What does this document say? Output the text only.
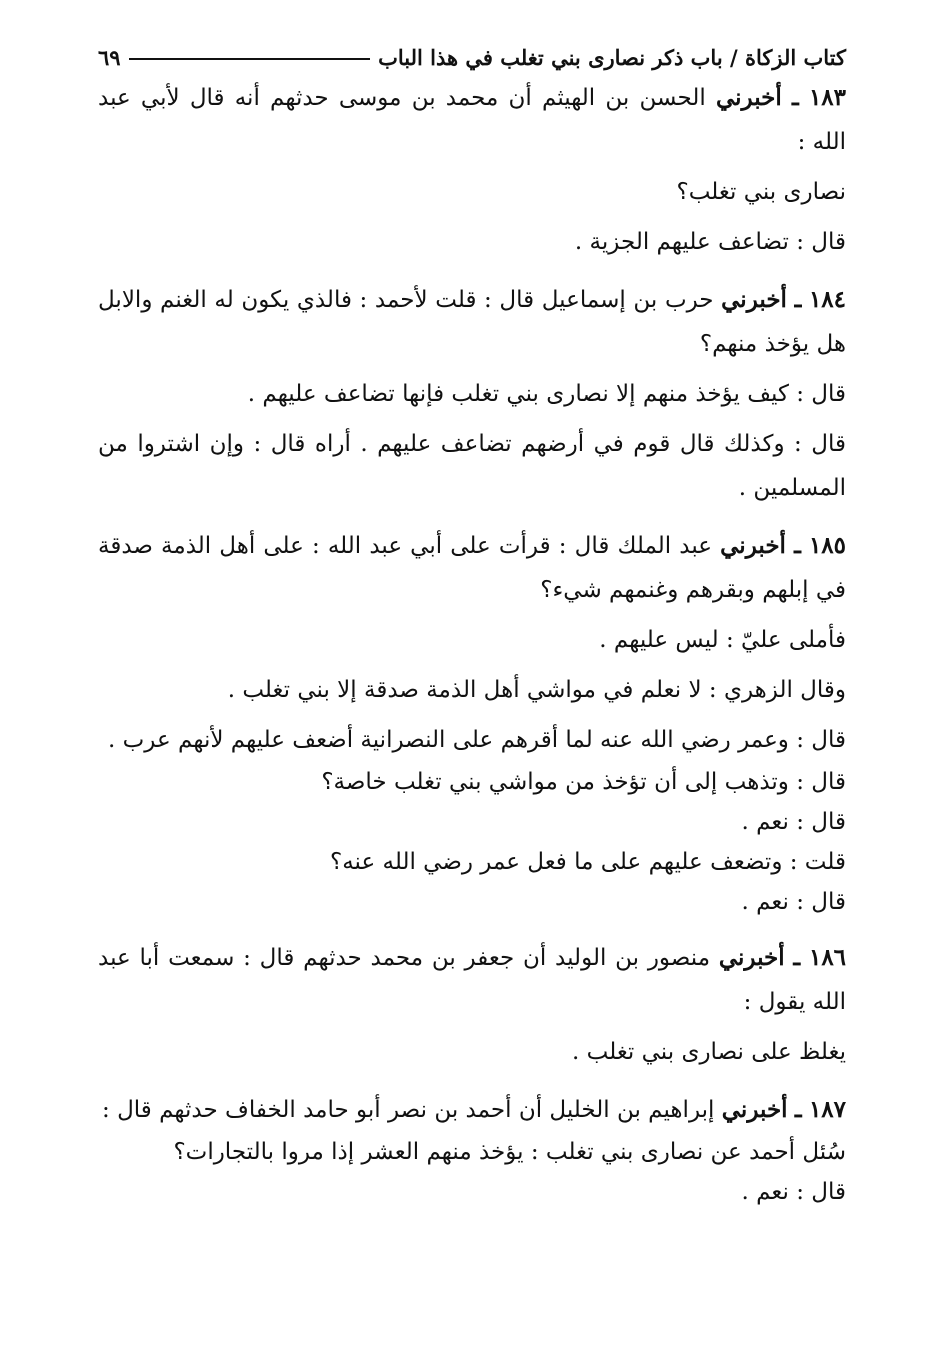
كتاب الزكاة / باب ذكر نصارى بني تغلب في هذا الباب
٦٩

١٨٣ ـ أخبرني الحسن بن الهيثم أن محمد بن موسى حدثهم أنه قال لأبي عبد الله :

نصارى بني تغلب؟

قال : تضاعف عليهم الجزية .

١٨٤ ـ أخبرني حرب بن إسماعيل قال : قلت لأحمد : فالذي يكون له الغنم والابل هل يؤخذ منهم؟

قال : كيف يؤخذ منهم إلا نصارى بني تغلب فإنها تضاعف عليهم .

قال : وكذلك قال قوم في أرضهم تضاعف عليهم . أراه قال : وإن اشتروا من المسلمين .

١٨٥ ـ أخبرني عبد الملك قال : قرأت على أبي عبد الله : على أهل الذمة صدقة في إبلهم وبقرهم وغنمهم شيء؟

فأملى عليّ : ليس عليهم .

وقال الزهري : لا نعلم في مواشي أهل الذمة صدقة إلا بني تغلب .

قال : وعمر رضي الله عنه لما أقرهم على النصرانية أضعف عليهم لأنهم عرب .

قال : وتذهب إلى أن تؤخذ من مواشي بني تغلب خاصة؟

قال : نعم .

قلت : وتضعف عليهم على ما فعل عمر رضي الله عنه؟

قال : نعم .

١٨٦ ـ أخبرني منصور بن الوليد أن جعفر بن محمد حدثهم قال : سمعت أبا عبد الله يقول :

يغلظ على نصارى بني تغلب .

١٨٧ ـ أخبرني إبراهيم بن الخليل أن أحمد بن نصر أبو حامد الخفاف حدثهم قال :

سُئل أحمد عن نصارى بني تغلب : يؤخذ منهم العشر إذا مروا بالتجارات؟

قال : نعم .
